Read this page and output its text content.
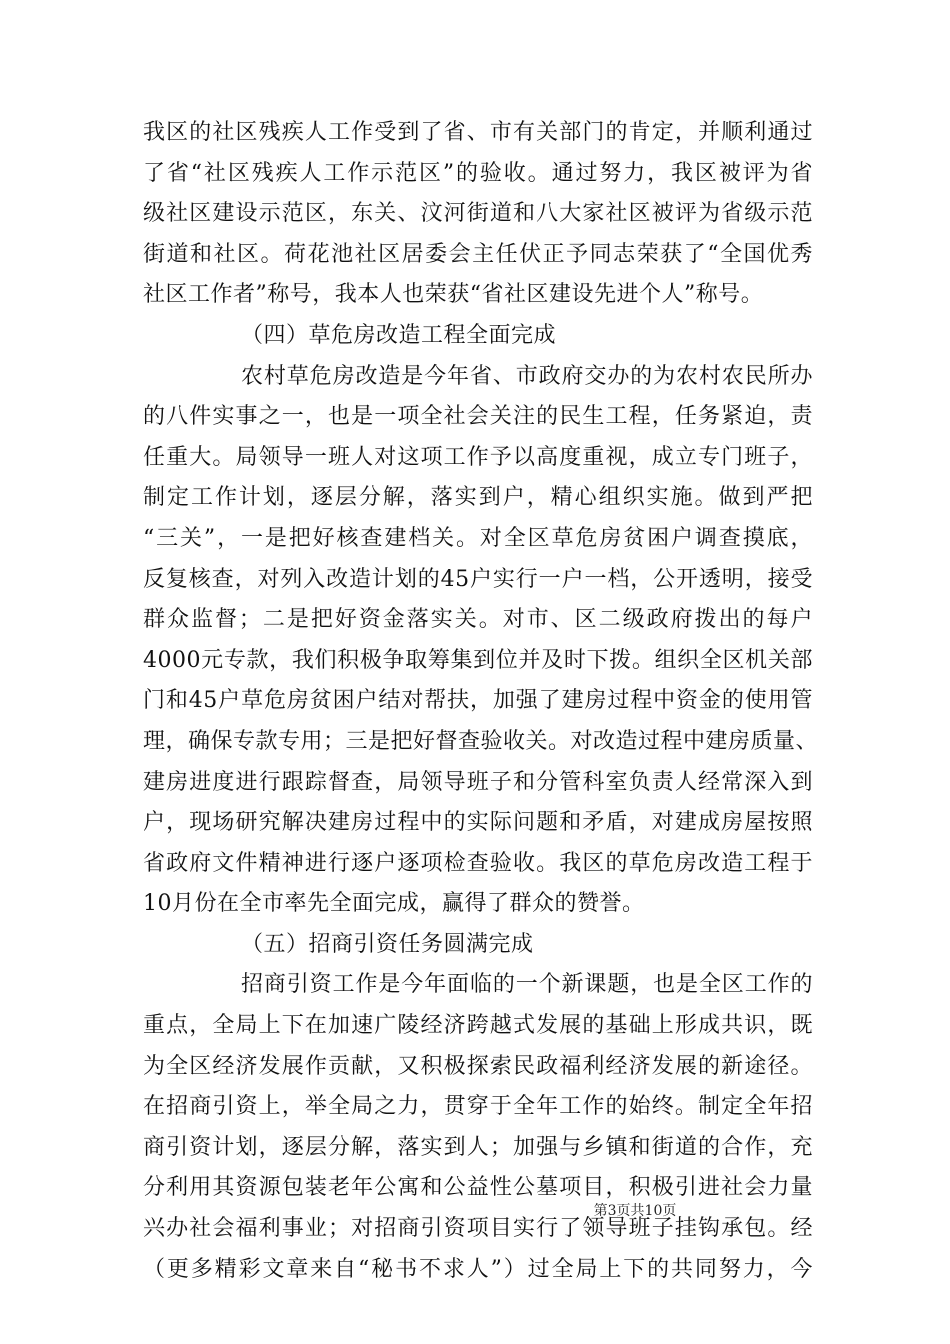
我区的社区残疾人工作受到了省、市有关部门的肯定，并顺利通过
了省“社区残疾人工作示范区”的验收。通过努力，我区被评为省
级社区建设示范区，东关、汶河街道和八大家社区被评为省级示范
街道和社区。荷花池社区居委会主任伏正予同志荣获了“全国优秀
社区工作者”称号，我本人也荣获“省社区建设先进个人”称号。
（四）草危房改造工程全面完成
农村草危房改造是今年省、市政府交办的为农村农民所办
的八件实事之一，也是一项全社会关注的民生工程，任务紧迫，责
任重大。局领导一班人对这项工作予以高度重视，成立专门班子，
制定工作计划，逐层分解，落实到户，精心组织实施。做到严把
“三关”，一是把好核查建档关。对全区草危房贫困户调查摸底，
反复核查，对列入改造计划的45户实行一户一档，公开透明，接受
群众监督；二是把好资金落实关。对市、区二级政府拨出的每户
4000元专款，我们积极争取筹集到位并及时下拨。组织全区机关部
门和45户草危房贫困户结对帮扶，加强了建房过程中资金的使用管
理，确保专款专用；三是把好督查验收关。对改造过程中建房质量、
建房进度进行跟踪督查，局领导班子和分管科室负责人经常深入到
户，现场研究解决建房过程中的实际问题和矛盾，对建成房屋按照
省政府文件精神进行逐户逐项检查验收。我区的草危房改造工程于
10月份在全市率先全面完成，赢得了群众的赞誉。
（五）招商引资任务圆满完成
招商引资工作是今年面临的一个新课题，也是全区工作的
重点，全局上下在加速广陵经济跨越式发展的基础上形成共识，既
为全区经济发展作贡献，又积极探索民政福利经济发展的新途径。
在招商引资上，举全局之力，贯穿于全年工作的始终。制定全年招
商引资计划，逐层分解，落实到人；加强与乡镇和街道的合作，充
分利用其资源包装老年公寓和公益性公墓项目，积极引进社会力量
兴办社会福利事业；对招商引资项目实行了领导班子挂钩承包。经
（更多精彩文章来自“秘书不求人”）过全局上下的共同努力，今
第3页共10页
